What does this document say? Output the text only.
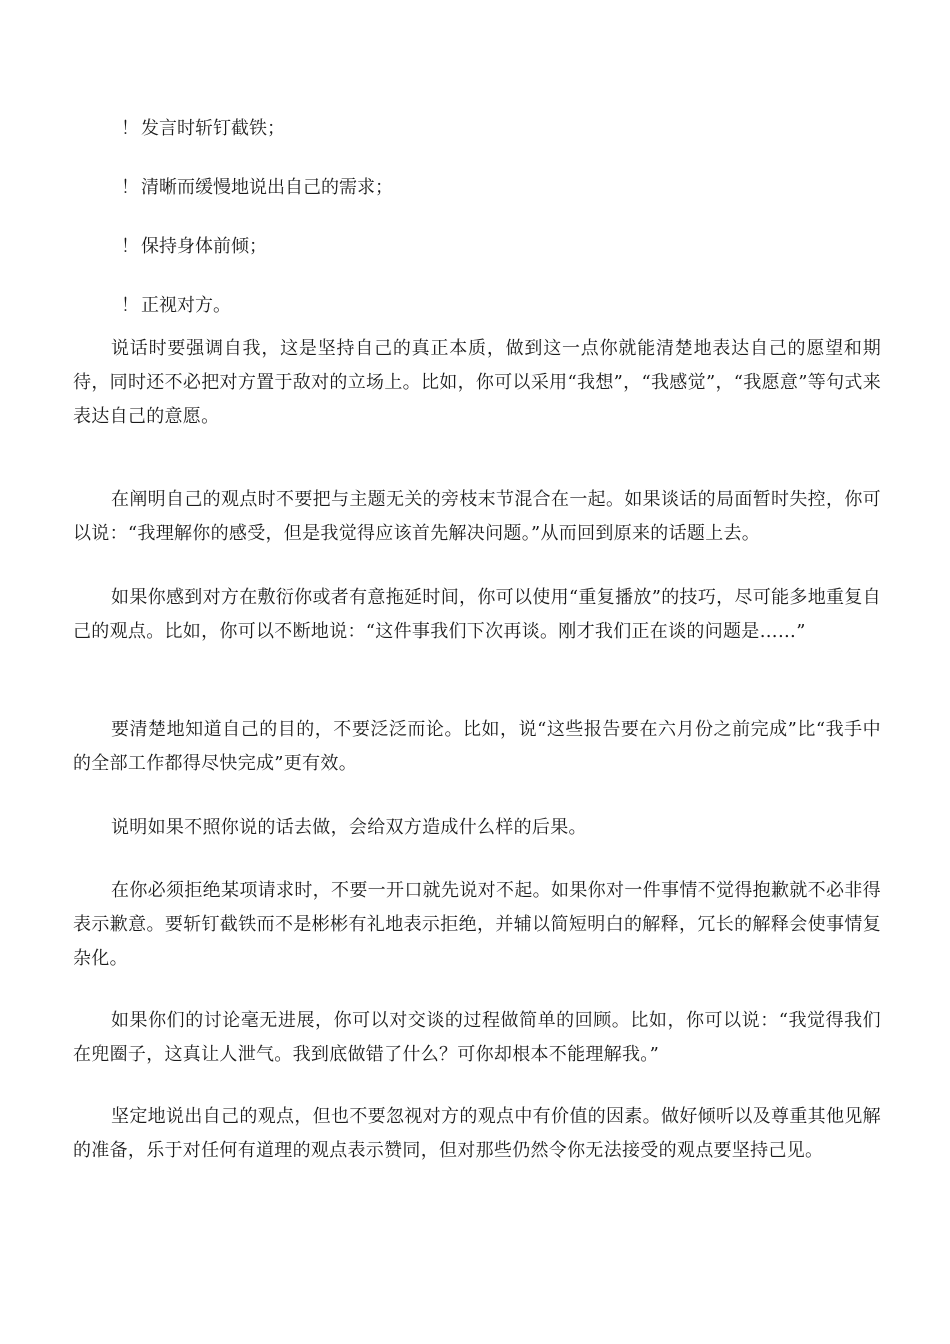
！ 发言时斩钉截铁；
！ 清晰而缓慢地说出自己的需求；
！ 保持身体前倾；
！ 正视对方。

说话时要强调自我，这是坚持自己的真正本质，做到这一点你就能清楚地表达自己的愿望和期待，同时还不必把对方置于敌对的立场上。比如，你可以采用“我想”，“我感觉”，“我愿意”等句式来表达自己的意愿。

在阐明自己的观点时不要把与主题无关的旁枝末节混合在一起。如果谈话的局面暂时失控，你可以说：“我理解你的感受，但是我觉得应该首先解决问题。”从而回到原来的话题上去。

如果你感到对方在敷衍你或者有意拖延时间，你可以使用“重复播放”的技巧，尽可能多地重复自己的观点。比如，你可以不断地说：“这件事我们下次再谈。刚才我们正在谈的问题是……”

要清楚地知道自己的目的，不要泛泛而论。比如，说“这些报告要在六月份之前完成”比“我手中的全部工作都得尽快完成”更有效。

说明如果不照你说的话去做，会给双方造成什么样的后果。

在你必须拒绝某项请求时，不要一开口就先说对不起。如果你对一件事情不觉得抱歉就不必非得表示歉意。要斩钉截铁而不是彬彬有礼地表示拒绝，并辅以简短明白的解释，冗长的解释会使事情复杂化。

如果你们的讨论毫无进展，你可以对交谈的过程做简单的回顾。比如，你可以说：“我觉得我们在兜圈子，这真让人泄气。我到底做错了什么？可你却根本不能理解我。”

坚定地说出自己的观点，但也不要忽视对方的观点中有价值的因素。做好倾听以及尊重其他见解的准备，乐于对任何有道理的观点表示赞同，但对那些仍然令你无法接受的观点要坚持己见。
